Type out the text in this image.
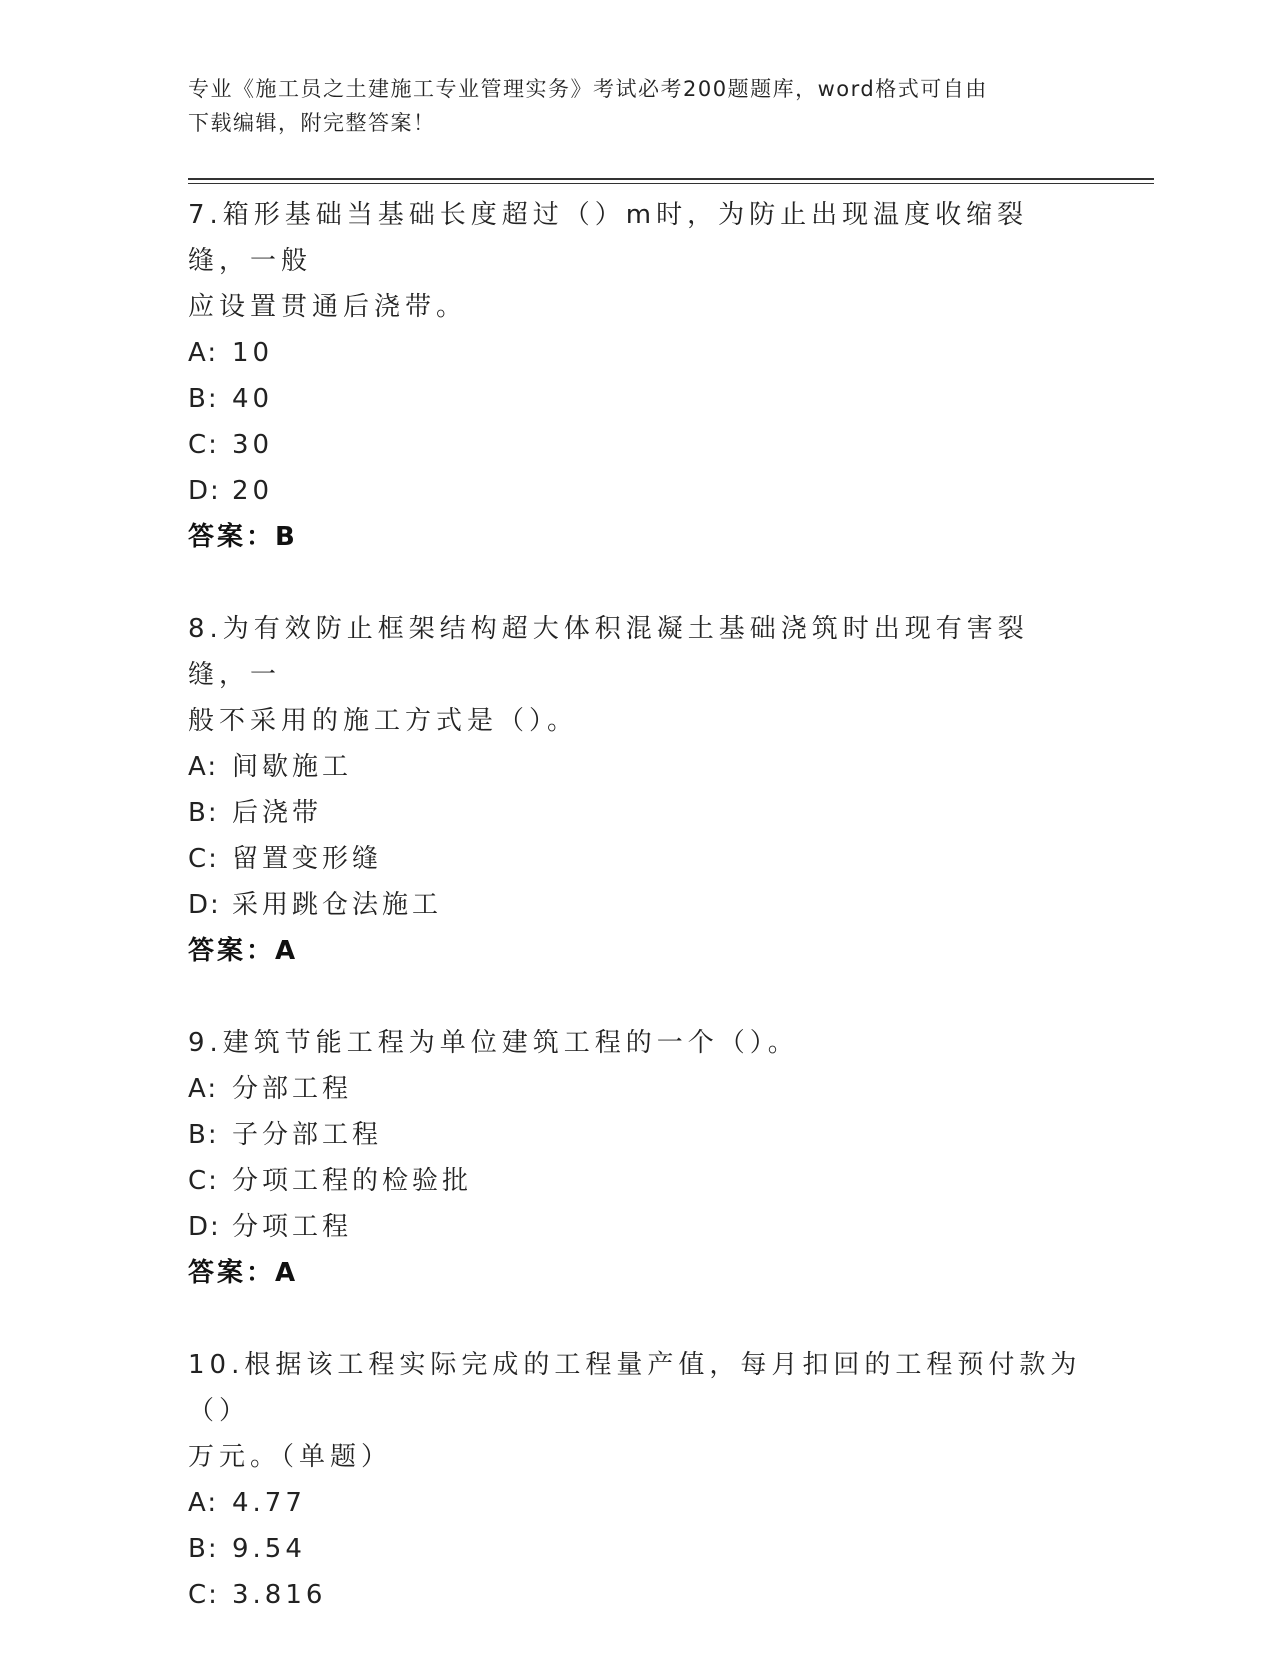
专业《施工员之土建施工专业管理实务》考试必考200题题库，word格式可自由
下载编辑，附完整答案！
7.箱形基础当基础长度超过（）m时，为防止出现温度收缩裂缝，一般
应设置贯通后浇带。
A: 10
B: 40
C: 30
D: 20
答案：B
8.为有效防止框架结构超大体积混凝土基础浇筑时出现有害裂缝，一
般不采用的施工方式是（）。
A: 间歇施工
B: 后浇带
C: 留置变形缝
D: 采用跳仓法施工
答案：A
9.建筑节能工程为单位建筑工程的一个（）。
A: 分部工程
B: 子分部工程
C: 分项工程的检验批
D: 分项工程
答案：A
10.根据该工程实际完成的工程量产值，每月扣回的工程预付款为（）
万元。（单题）
A: 4.77
B: 9.54
C: 3.816
